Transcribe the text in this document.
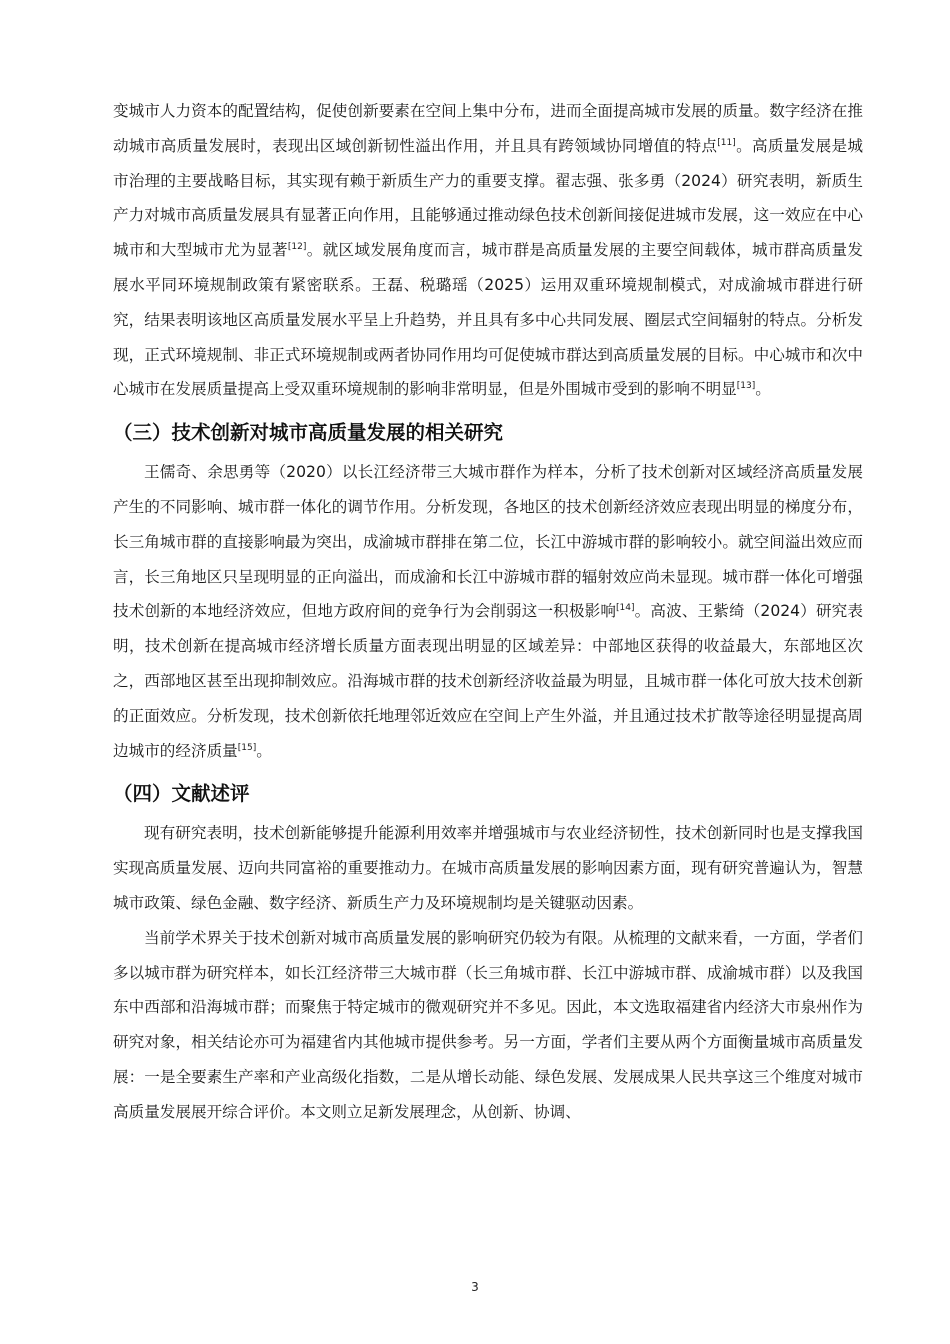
变城市人力资本的配置结构，促使创新要素在空间上集中分布，进而全面提高城市发展的质量。数字经济在推动城市高质量发展时，表现出区域创新韧性溢出作用，并且具有跨领域协同增值的特点[11]。高质量发展是城市治理的主要战略目标，其实现有赖于新质生产力的重要支撑。翟志强、张多勇（2024）研究表明，新质生产力对城市高质量发展具有显著正向作用，且能够通过推动绿色技术创新间接促进城市发展，这一效应在中心城市和大型城市尤为显著[12]。就区域发展角度而言，城市群是高质量发展的主要空间载体，城市群高质量发展水平同环境规制政策有紧密联系。王磊、税璐瑶（2025）运用双重环境规制模式，对成渝城市群进行研究，结果表明该地区高质量发展水平呈上升趋势，并且具有多中心共同发展、圈层式空间辐射的特点。分析发现，正式环境规制、非正式环境规制或两者协同作用均可促使城市群达到高质量发展的目标。中心城市和次中心城市在发展质量提高上受双重环境规制的影响非常明显，但是外围城市受到的影响不明显[13]。

（三）技术创新对城市高质量发展的相关研究

王儒奇、余思勇等（2020）以长江经济带三大城市群作为样本，分析了技术创新对区域经济高质量发展产生的不同影响、城市群一体化的调节作用。分析发现，各地区的技术创新经济效应表现出明显的梯度分布，长三角城市群的直接影响最为突出，成渝城市群排在第二位，长江中游城市群的影响较小。就空间溢出效应而言，长三角地区只呈现明显的正向溢出，而成渝和长江中游城市群的辐射效应尚未显现。城市群一体化可增强技术创新的本地经济效应，但地方政府间的竞争行为会削弱这一积极影响[14]。高波、王紫绮（2024）研究表明，技术创新在提高城市经济增长质量方面表现出明显的区域差异：中部地区获得的收益最大，东部地区次之，西部地区甚至出现抑制效应。沿海城市群的技术创新经济收益最为明显，且城市群一体化可放大技术创新的正面效应。分析发现，技术创新依托地理邻近效应在空间上产生外溢，并且通过技术扩散等途径明显提高周边城市的经济质量[15]。

（四）文献述评

现有研究表明，技术创新能够提升能源利用效率并增强城市与农业经济韧性，技术创新同时也是支撑我国实现高质量发展、迈向共同富裕的重要推动力。在城市高质量发展的影响因素方面，现有研究普遍认为，智慧城市政策、绿色金融、数字经济、新质生产力及环境规制均是关键驱动因素。

当前学术界关于技术创新对城市高质量发展的影响研究仍较为有限。从梳理的文献来看，一方面，学者们多以城市群为研究样本，如长江经济带三大城市群（长三角城市群、长江中游城市群、成渝城市群）以及我国东中西部和沿海城市群；而聚焦于特定城市的微观研究并不多见。因此，本文选取福建省内经济大市泉州作为研究对象，相关结论亦可为福建省内其他城市提供参考。另一方面，学者们主要从两个方面衡量城市高质量发展：一是全要素生产率和产业高级化指数，二是从增长动能、绿色发展、发展成果人民共享这三个维度对城市高质量发展展开综合评价。本文则立足新发展理念，从创新、协调、

3
